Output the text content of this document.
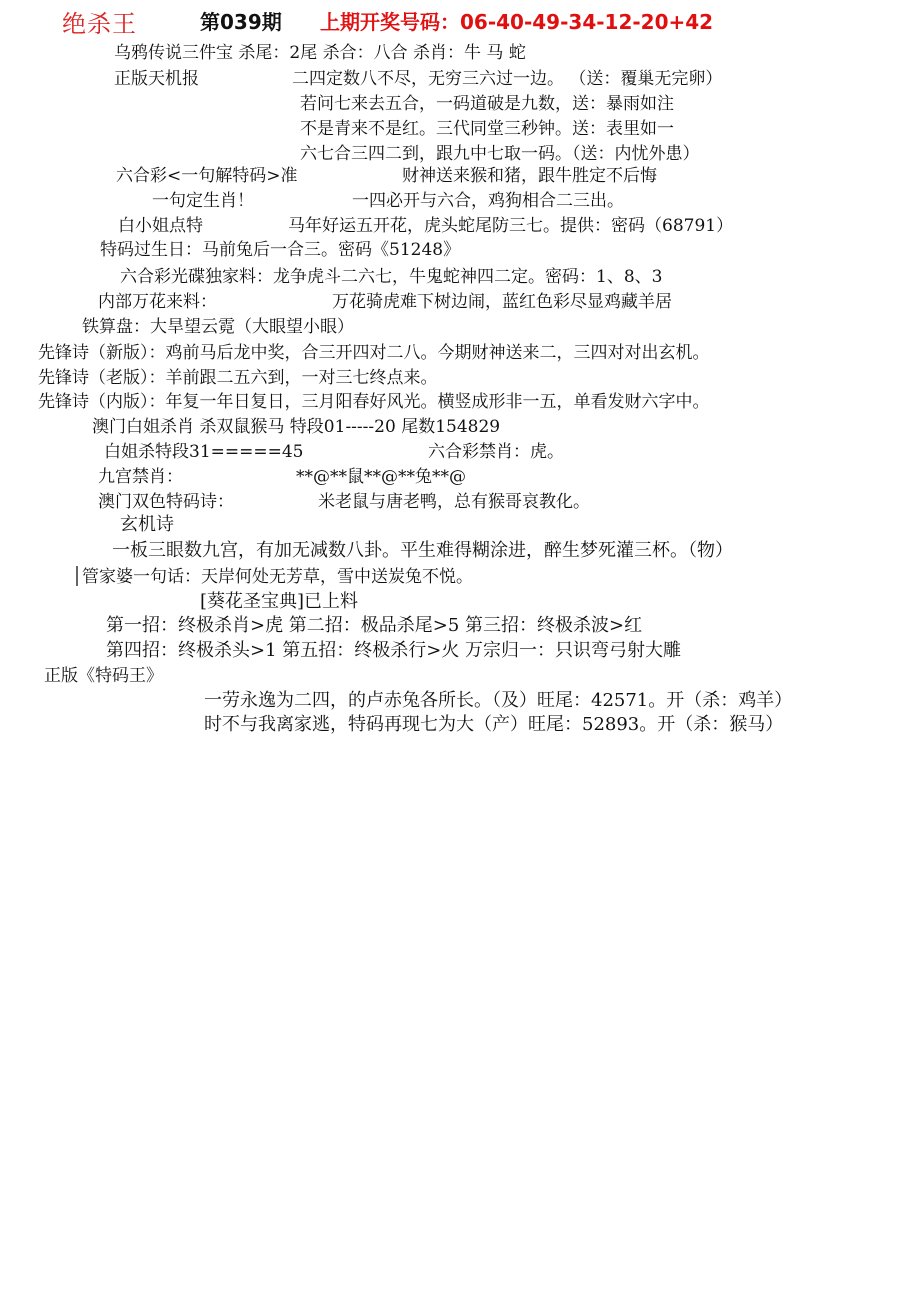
绝杀王	第039期 上期开奖号码：06-40-49-34-12-20+42
乌鸦传说三件宝 杀尾：2尾 杀合：八合 杀肖：牛 马 蛇
正版天机报	二四定数八不尽，无穷三六过一边。 （送：覆巢无完卵）
若问七来去五合，一码道破是九数，送：暴雨如注
不是青来不是红。三代同堂三秒钟。送：表里如一
六七合三四二到，跟九中七取一码。（送：内忧外患）
六合彩<一句解特码>准	财神送来猴和猪，跟牛胜定不后悔
一句定生肖！	一四必开与六合，鸡狗相合二三出。
白小姐点特	马年好运五开花，虎头蛇尾防三七。提供：密码（68791）
特码过生日：马前兔后一合三。密码《51248》
六合彩光碟独家料：龙争虎斗二六七，牛鬼蛇神四二定。密码：1、8、3
内部万花来料：	万花骑虎难下树边闹，蓝红色彩尽显鸡藏羊居
铁算盘：大旱望云霓（大眼望小眼）
先锋诗（新版）：鸡前马后龙中奖，合三开四对二八。今期财神送来二，三四对对出玄机。
先锋诗（老版）：羊前跟二五六到，一对三七终点来。
先锋诗（内版）：年复一年日复日，三月阳春好风光。横竖成形非一五，单看发财六字中。
澳门白姐杀肖 杀双鼠猴马 特段01-----20 尾数154829
白姐杀特段31=====45	六合彩禁肖：虎。
九宫禁肖：	**@**鼠**@**兔**@
澳门双色特码诗：	米老鼠与唐老鸭，总有猴哥哀教化。
玄机诗
一板三眼数九宫，有加无减数八卦。平生难得糊涂进，醉生梦死灌三杯。（物）
管家婆一句话：天岸何处无芳草，雪中送炭兔不悦。
[葵花圣宝典]已上料
第一招：终极杀肖>虎 第二招：极品杀尾>5 第三招：终极杀波>红
第四招：终极杀头>1 第五招：终极杀行>火 万宗归一：只识弯弓射大雕
正版《特码王》
一劳永逸为二四，的卢赤兔各所长。（及）旺尾：42571。开（杀：鸡羊）
时不与我离家逃，特码再现七为大（产）旺尾：52893。开（杀：猴马）
